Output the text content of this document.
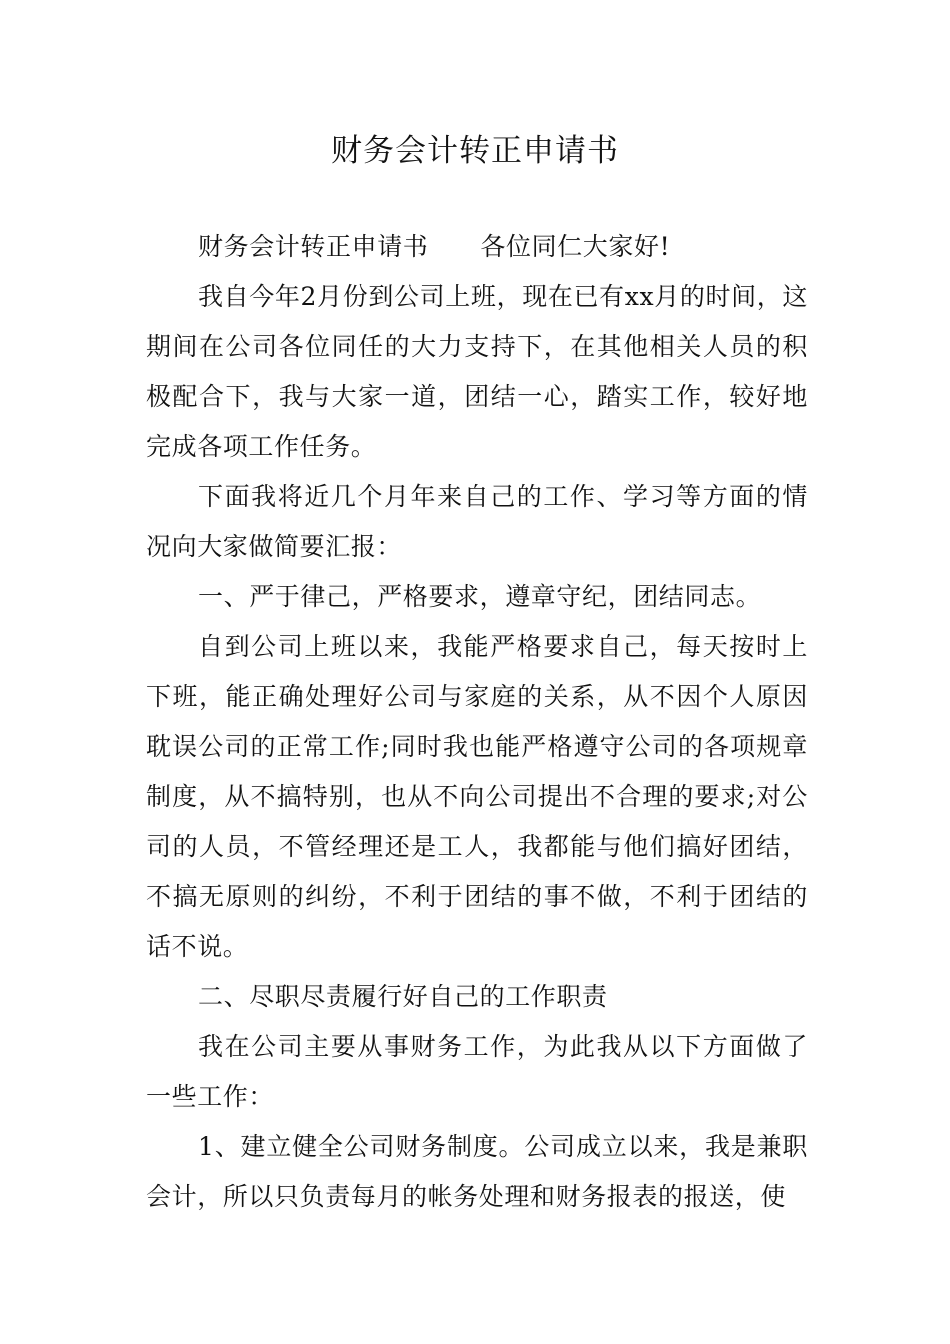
财务会计转正申请书

财务会计转正申请书 各位同仁大家好!

我自今年2月份到公司上班，现在已有xx月的时间，这期间在公司各位同任的大力支持下，在其他相关人员的积极配合下，我与大家一道，团结一心，踏实工作，较好地完成各项工作任务。

下面我将近几个月年来自己的工作、学习等方面的情况向大家做简要汇报：

一、严于律己，严格要求，遵章守纪，团结同志。

自到公司上班以来，我能严格要求自己，每天按时上下班，能正确处理好公司与家庭的关系，从不因个人原因耽误公司的正常工作;同时我也能严格遵守公司的各项规章制度，从不搞特别，也从不向公司提出不合理的要求;对公司的人员，不管经理还是工人，我都能与他们搞好团结，不搞无原则的纠纷，不利于团结的事不做，不利于团结的话不说。

二、尽职尽责履行好自己的工作职责

我在公司主要从事财务工作，为此我从以下方面做了一些工作：

1、建立健全公司财务制度。公司成立以来，我是兼职会计，所以只负责每月的帐务处理和财务报表的报送，使
